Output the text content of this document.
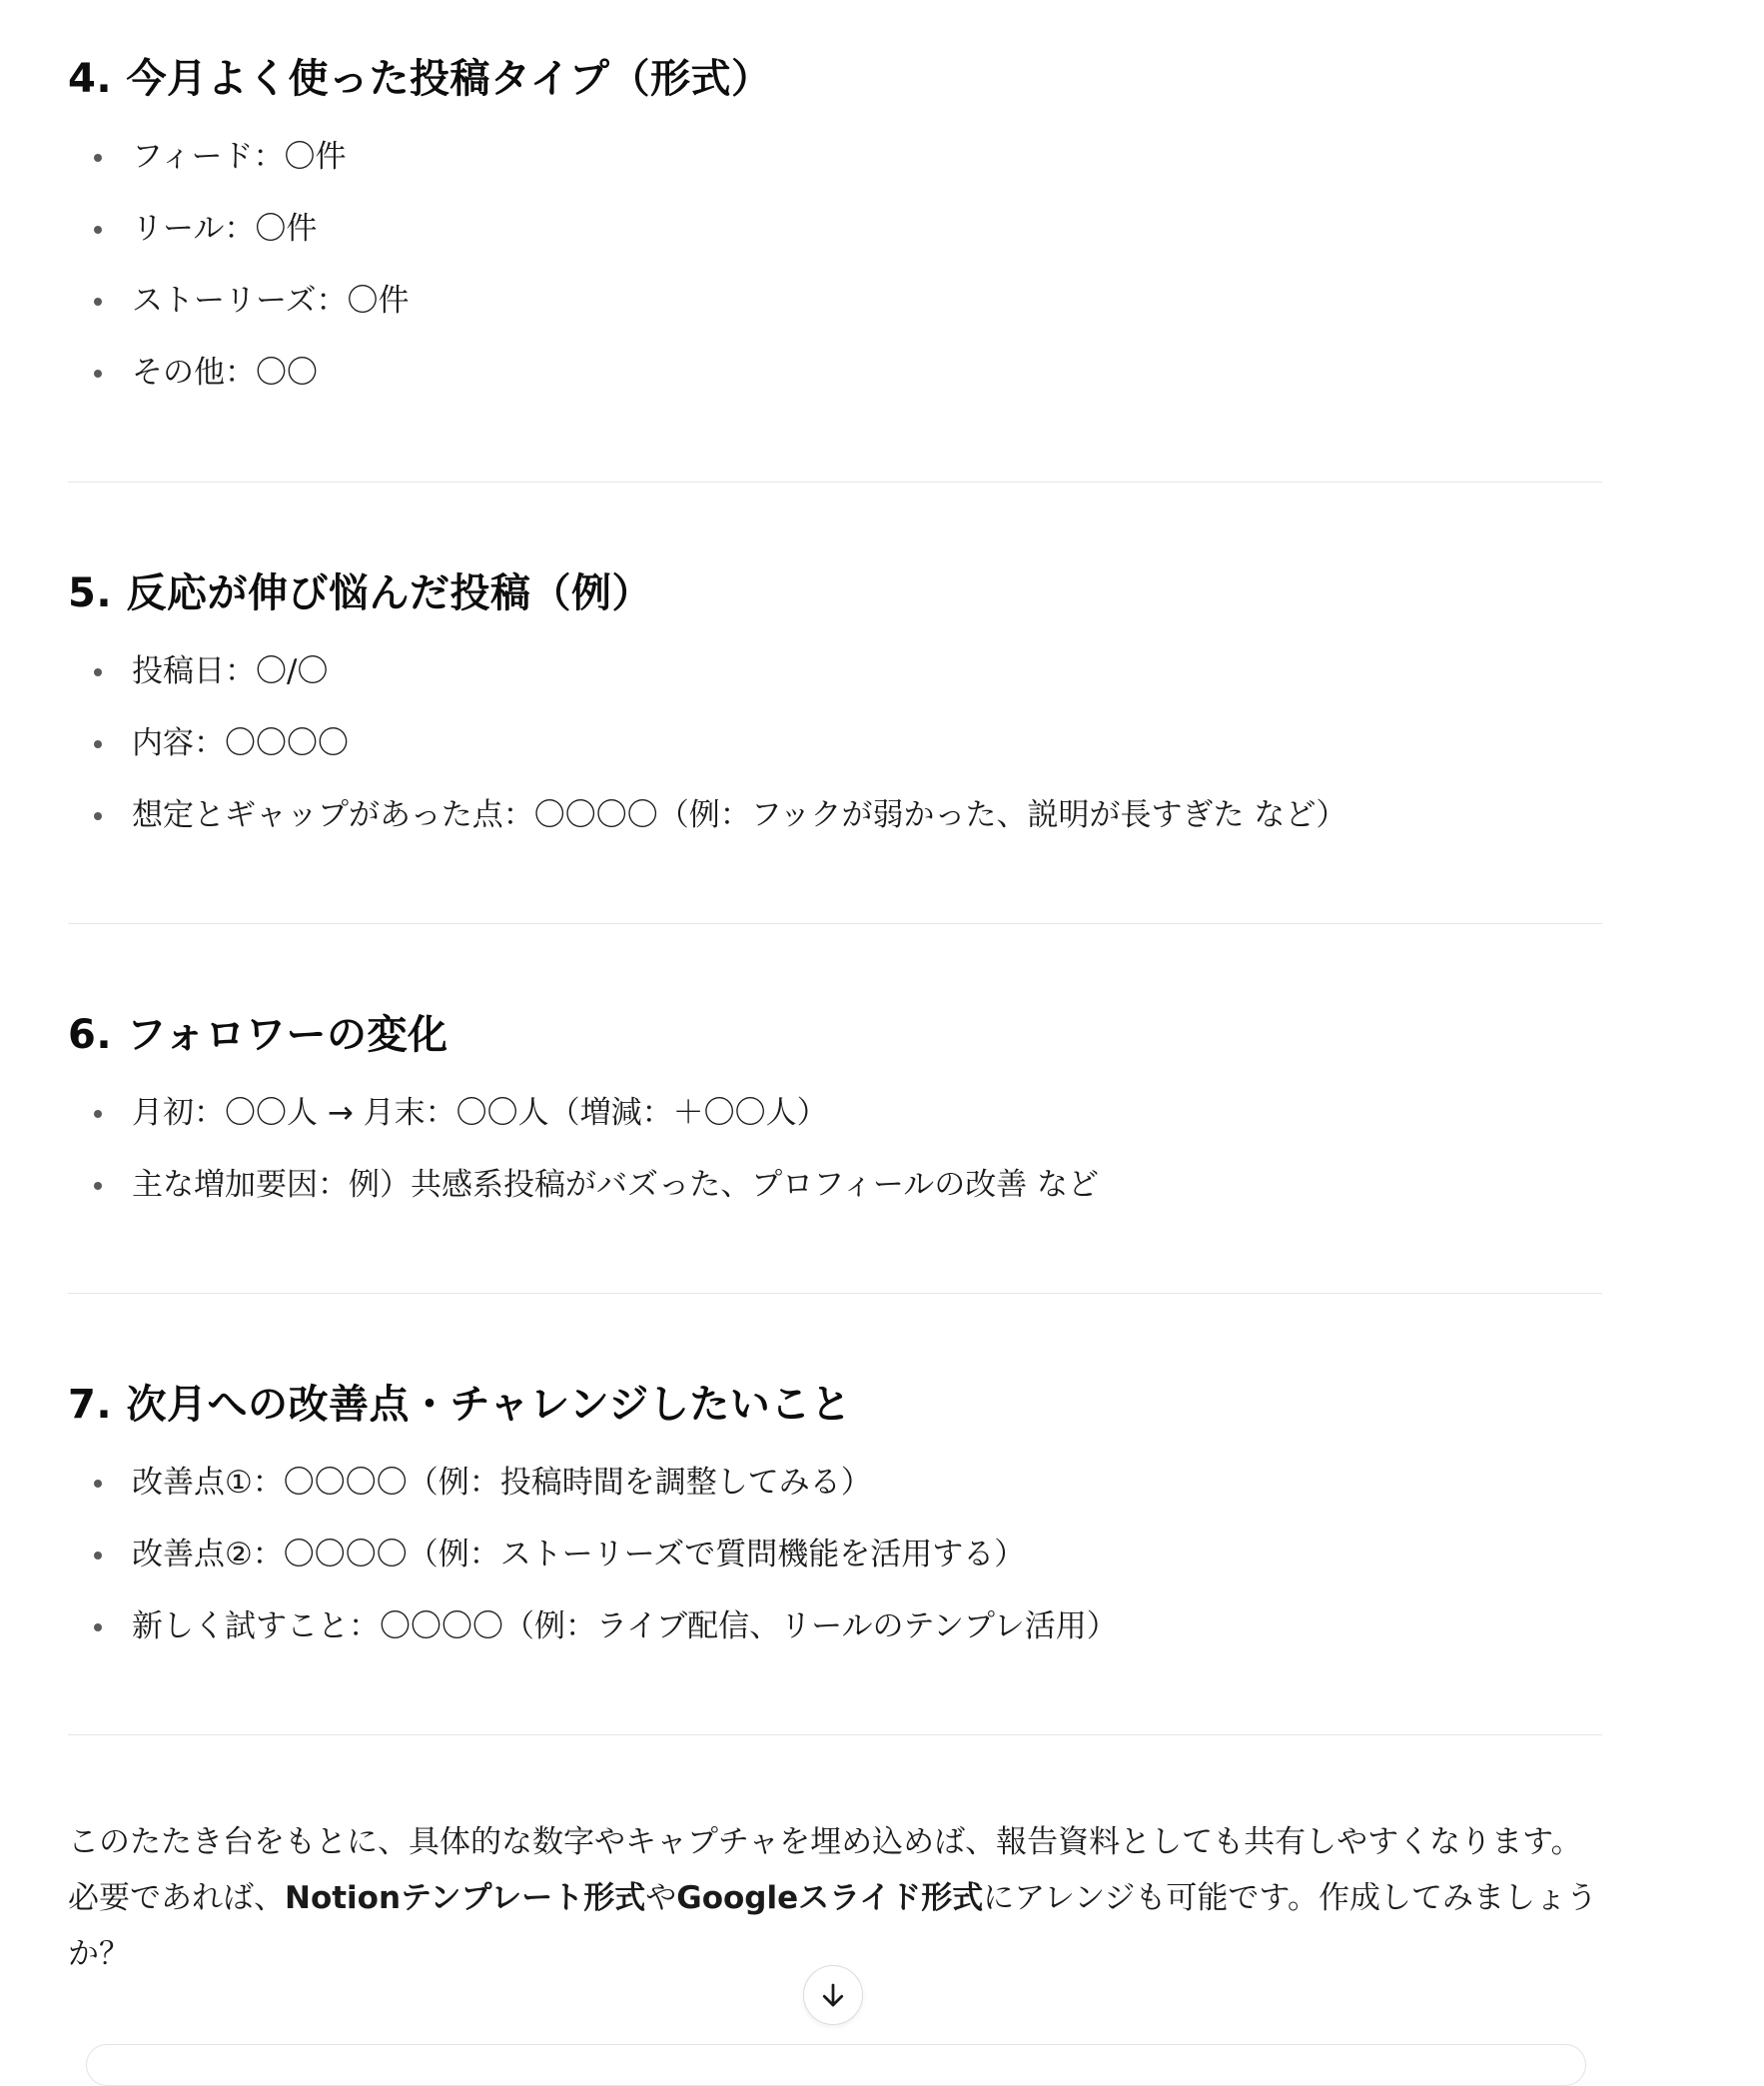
4. 今月よく使った投稿タイプ（形式）
フィード：〇件
リール：〇件
ストーリーズ：〇件
その他：〇〇
5. 反応が伸び悩んだ投稿（例）
投稿日：〇/〇
内容：〇〇〇〇
想定とギャップがあった点：〇〇〇〇（例：フックが弱かった、説明が長すぎた など）
6. フォロワーの変化
月初：〇〇人 → 月末：〇〇人（増減：＋〇〇人）
主な増加要因：例）共感系投稿がバズった、プロフィールの改善 など
7. 次月への改善点・チャレンジしたいこと
改善点①：〇〇〇〇（例：投稿時間を調整してみる）
改善点②：〇〇〇〇（例：ストーリーズで質問機能を活用する）
新しく試すこと：〇〇〇〇（例：ライブ配信、リールのテンプレ活用）

このたたき台をもとに、具体的な数字やキャプチャを埋め込めば、報告資料としても共有しやすくなります。

必要であれば、Notionテンプレート形式やGoogleスライド形式にアレンジも可能です。作成してみましょうか？
